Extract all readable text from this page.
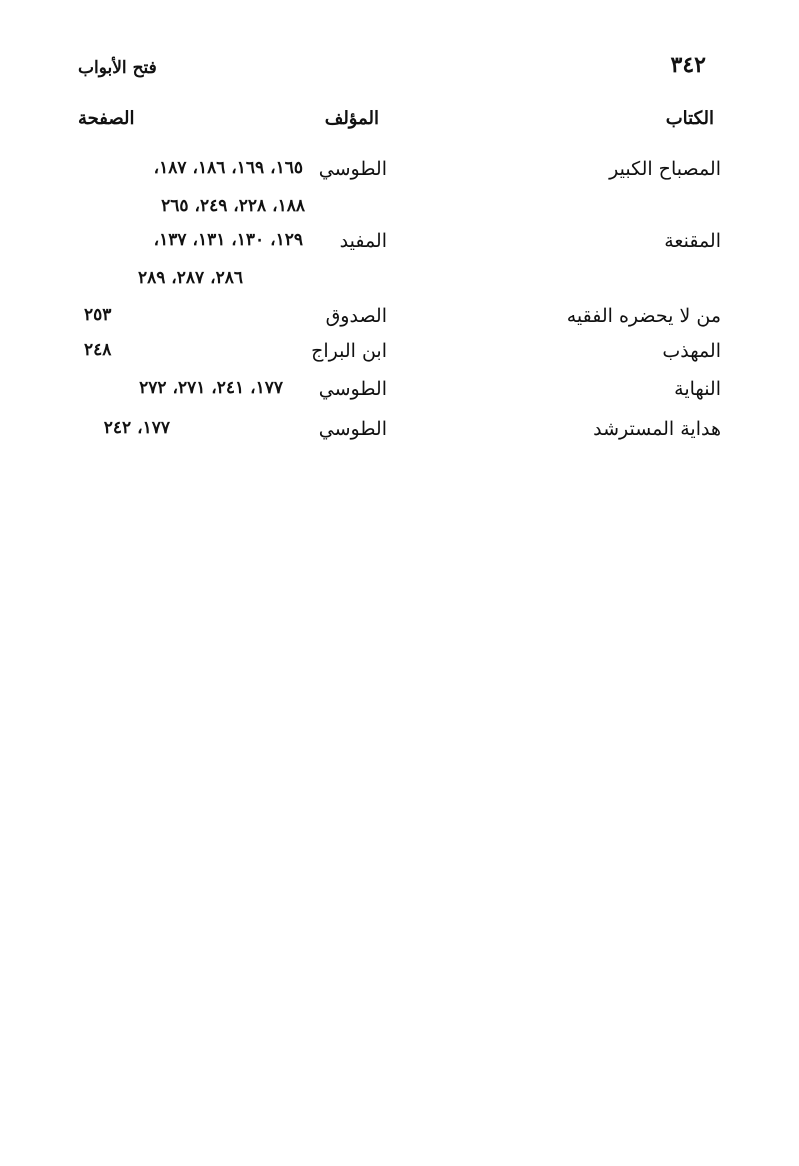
٣٤٢
فتح الأبواب
الكتاب
المؤلف
الصفحة
المصباح الكبير
الطوسي
١٦٥، ١٦٩، ١٨٦، ١٨٧،
١٨٨، ٢٢٨، ٢٤٩، ٢٦٥
المقنعة
المفيد
١٢٩، ١٣٠، ١٣١، ١٣٧،
٢٨٦، ٢٨٧، ٢٨٩
من لا يحضره الفقيه
الصدوق
٢٥٣
المهذب
ابن البراج
٢٤٨
النهاية
الطوسي
١٧٧، ٢٤١، ٢٧١، ٢٧٢
هداية المسترشد
الطوسي
١٧٧، ٢٤٢
